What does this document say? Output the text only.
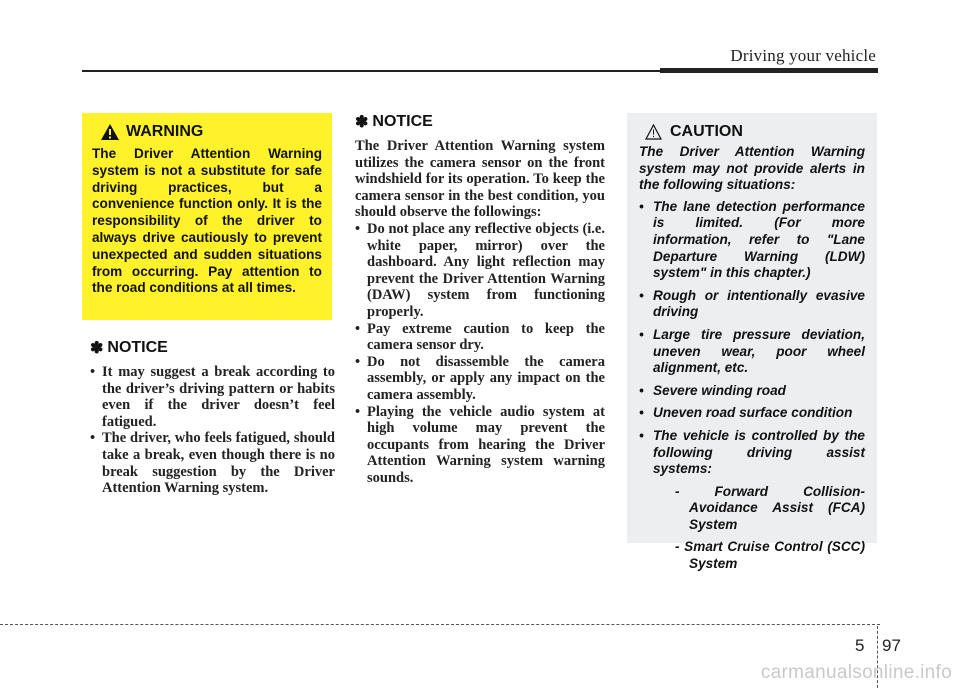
Driving your vehicle
WARNING

The Driver Attention Warning system is not a substitute for safe driving practices, but a convenience function only. It is the responsibility of the driver to always drive cautiously to prevent unexpected and sudden situations from occurring. Pay attention to the road conditions at all times.

✽ NOTICE
• It may suggest a break according to the driver’s driving pattern or habits even if the driver doesn’t feel fatigued.
• The driver, who feels fatigued, should take a break, even though there is no break suggestion by the Driver Attention Warning system.
✽ NOTICE

The Driver Attention Warning system utilizes the camera sensor on the front windshield for its operation. To keep the camera sensor in the best condition, you should observe the followings:

• Do not place any reflective objects (i.e. white paper, mirror) over the dashboard. Any light reflection may prevent the Driver Attention Warning (DAW) system from functioning properly.
• Pay extreme caution to keep the camera sensor dry.
• Do not disassemble the camera assembly, or apply any impact on the camera assembly.
• Playing the vehicle audio system at high volume may prevent the occupants from hearing the Driver Attention Warning system warning sounds.
CAUTION

The Driver Attention Warning system may not provide alerts in the following situations:

• The lane detection performance is limited. (For more information, refer to "Lane Departure Warning (LDW) system" in this chapter.)
• Rough or intentionally evasive driving
• Large tire pressure deviation, uneven wear, poor wheel alignment, etc.
• Severe winding road
• Uneven road surface condition
• The vehicle is controlled by the following driving assist systems:
- Forward Collision-Avoidance Assist (FCA) System
- Smart Cruise Control (SCC) System
5 97
carmanualsonline.info
